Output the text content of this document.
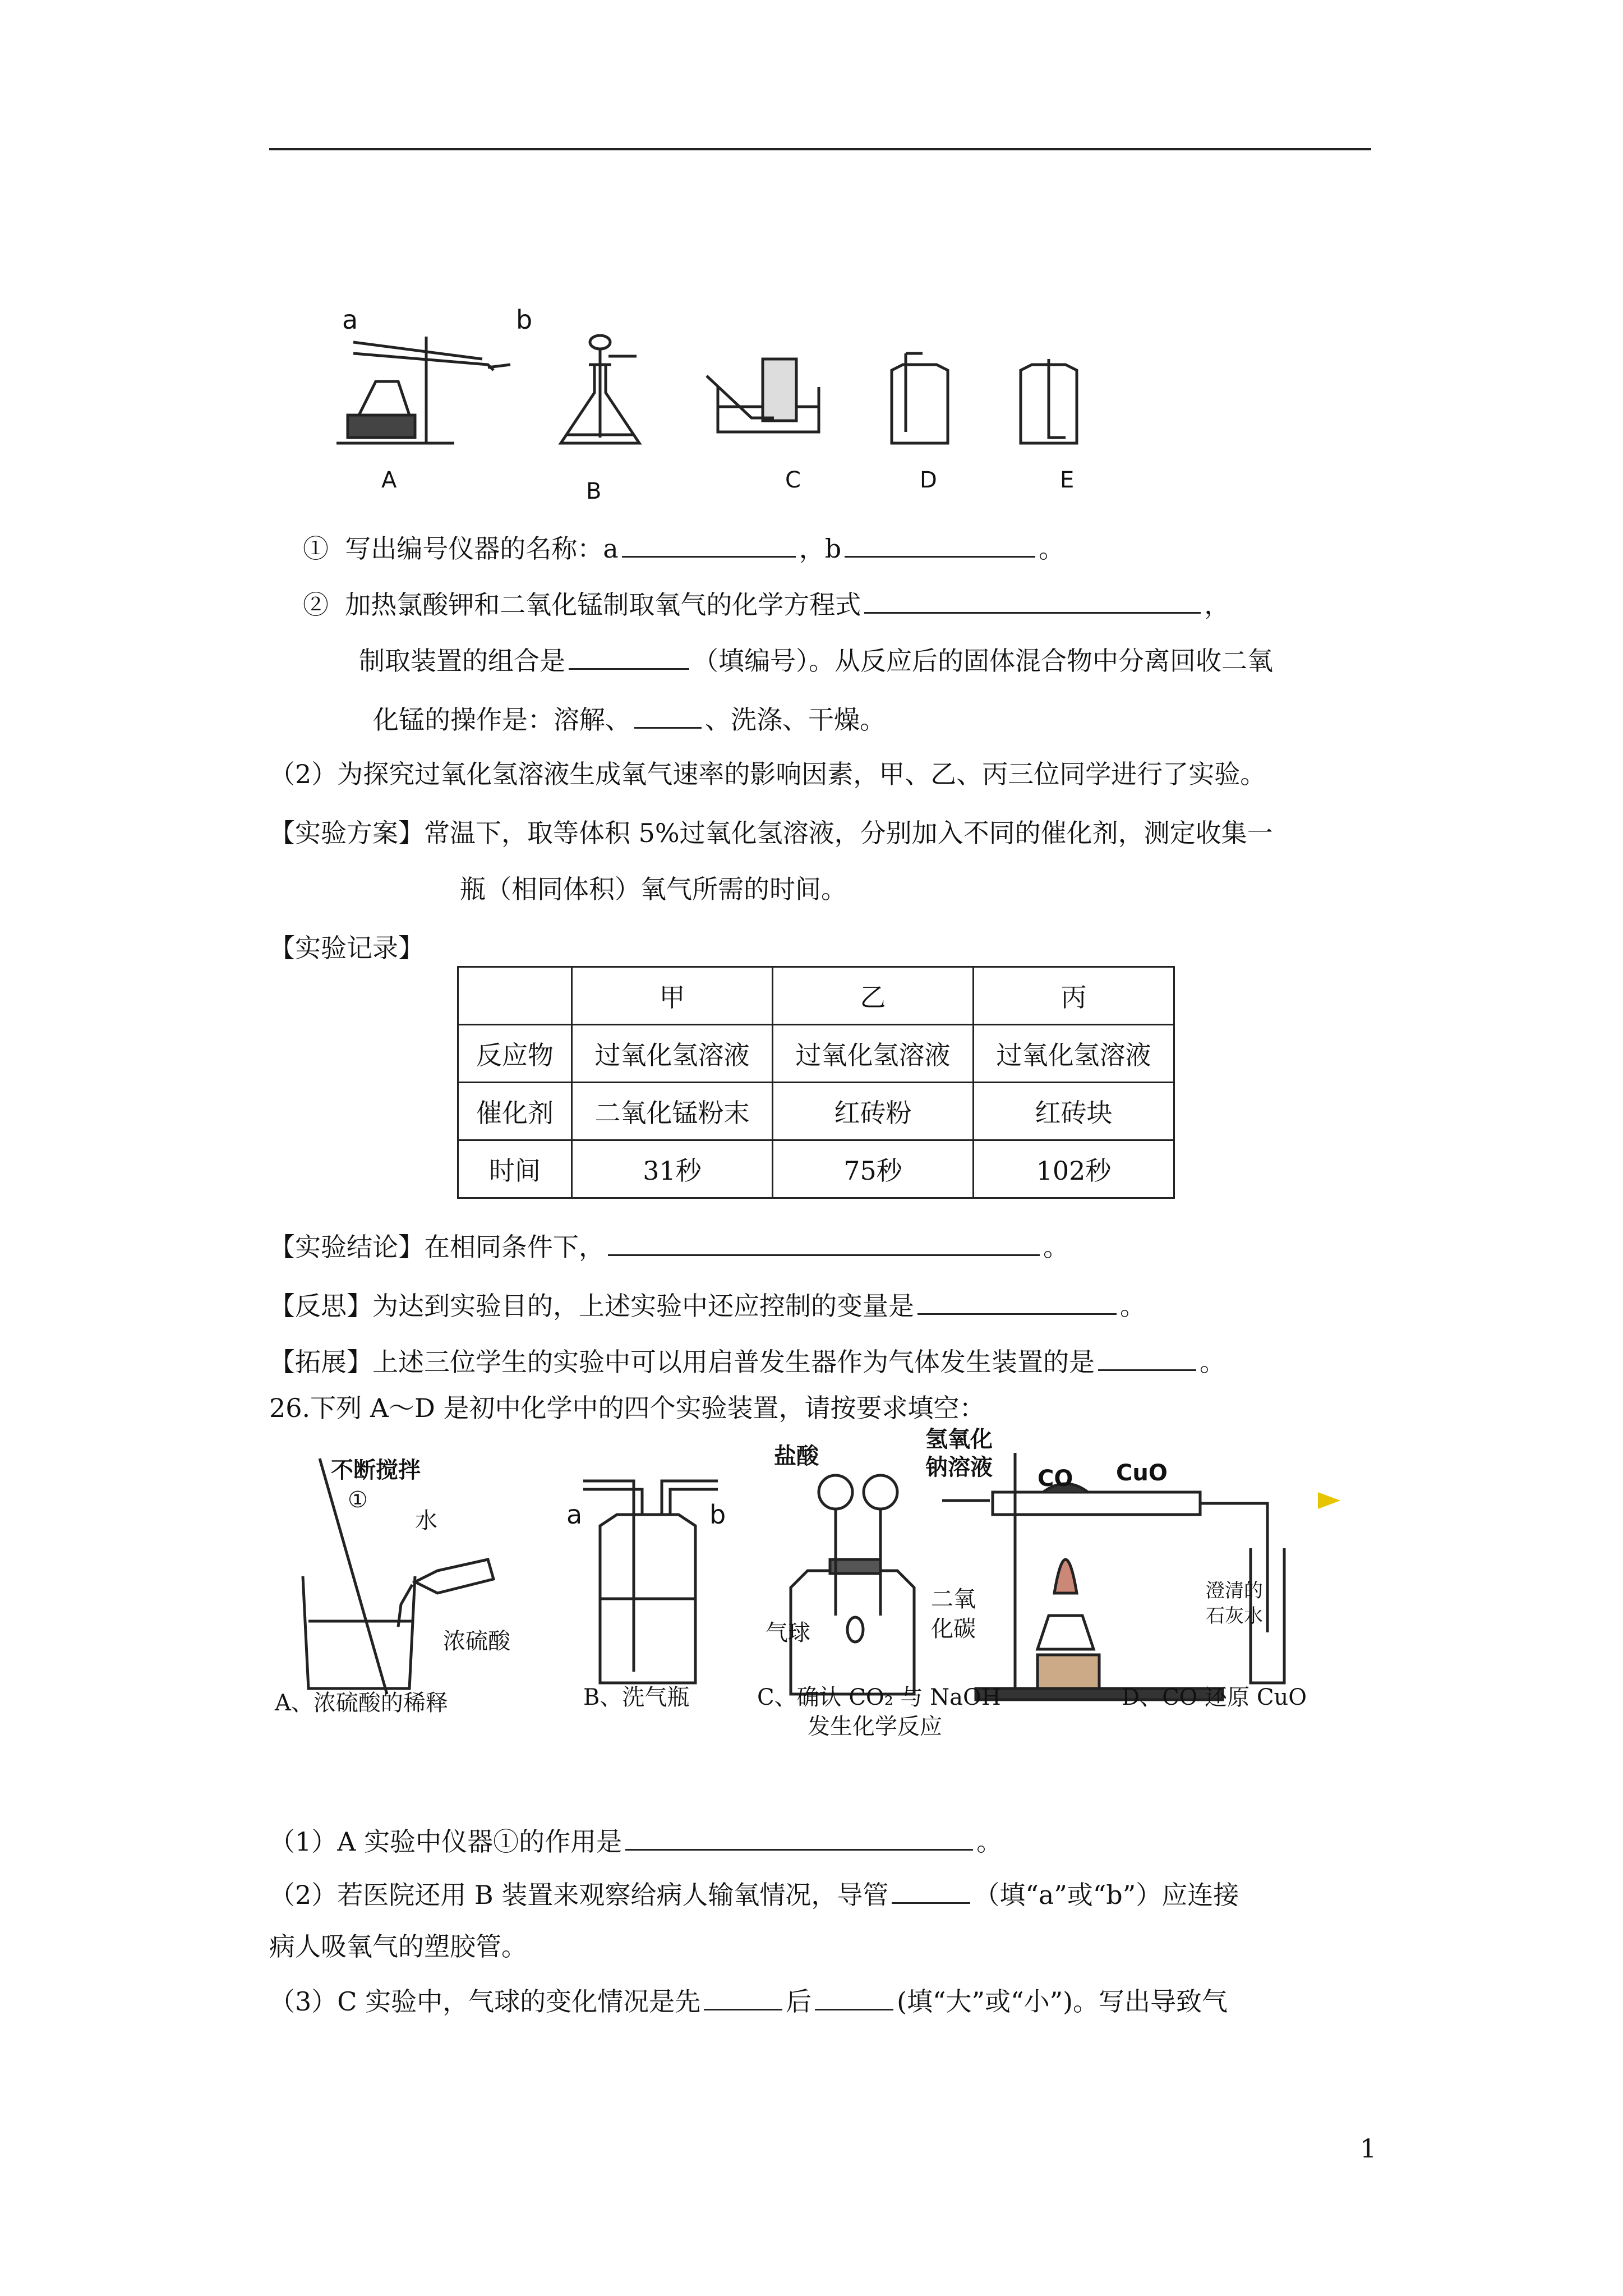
a	b
A	B	C	D	E
① 写出编号仪器的名称：a	，b	。
② 加热氯酸钾和二氧化锰制取氧气的化学方程式	，
制取装置的组合是	（填编号）。从反应后的固体混合物中分离回收二氧
化锰的操作是：溶解、	、洗涤、干燥。
（2）为探究过氧化氢溶液生成氧气速率的影响因素，甲、乙、丙三位同学进行了实验。
【实验方案】常温下，取等体积 5%过氧化氢溶液，分别加入不同的催化剂，测定收集一
瓶（相同体积）氧气所需的时间。
【实验记录】
	甲	乙	丙
反应物	过氧化氢溶液	过氧化氢溶液	过氧化氢溶液
催化剂	二氧化锰粉末	红砖粉	红砖块
时间	31秒	75秒	102秒
【实验结论】在相同条件下，	。
【反思】为达到实验目的，上述实验中还应控制的变量是	。
【拓展】上述三位学生的实验中可以用启普发生器作为气体发生装置的是	。
26.下列 A～D 是初中化学中的四个实验装置，请按要求填空：
不断搅拌
①
水
浓硫酸
A、浓硫酸的稀释
a	b
B、洗气瓶
盐酸
氢氧化
钠溶液
气球
二氧
化碳
C、确认 CO₂ 与 NaOH
发生化学反应
CO CuO
澄清的
石灰水
D、CO 还原 CuO
（1）A 实验中仪器①的作用是	。
（2）若医院还用 B 装置来观察给病人输氧情况，导管	（填“a”或“b”）应连接
病人吸氧气的塑胶管。
（3）C 实验中，气球的变化情况是先	后	(填“大”或“小”)。写出导致气
1
